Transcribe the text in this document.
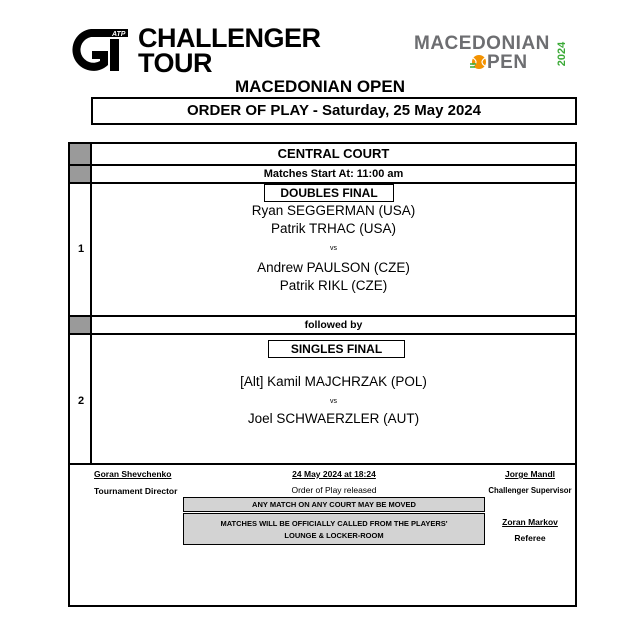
ATP CHALLENGER
TOUR
MACEDONIAN
PEN	2024
MACEDONIAN OPEN
ORDER OF PLAY - Saturday, 25 May 2024
CENTRAL COURT
Matches Start At: 11:00 am
1
DOUBLES FINAL
Ryan SEGGERMAN (USA)
Patrik TRHAC (USA)
vs
Andrew PAULSON (CZE)
Patrik RIKL (CZE)
followed by
2
SINGLES FINAL
[Alt] Kamil MAJCHRZAK (POL)
vs
Joel SCHWAERZLER (AUT)
Goran Shevchenko
Tournament Director
24 May 2024 at 18:24
Order of Play released
Jorge Mandl
Challenger Supervisor
ANY MATCH ON ANY COURT MAY BE MOVED
MATCHES WILL BE OFFICIALLY CALLED FROM THE PLAYERS'
LOUNGE & LOCKER-ROOM
Zoran Markov
Referee
